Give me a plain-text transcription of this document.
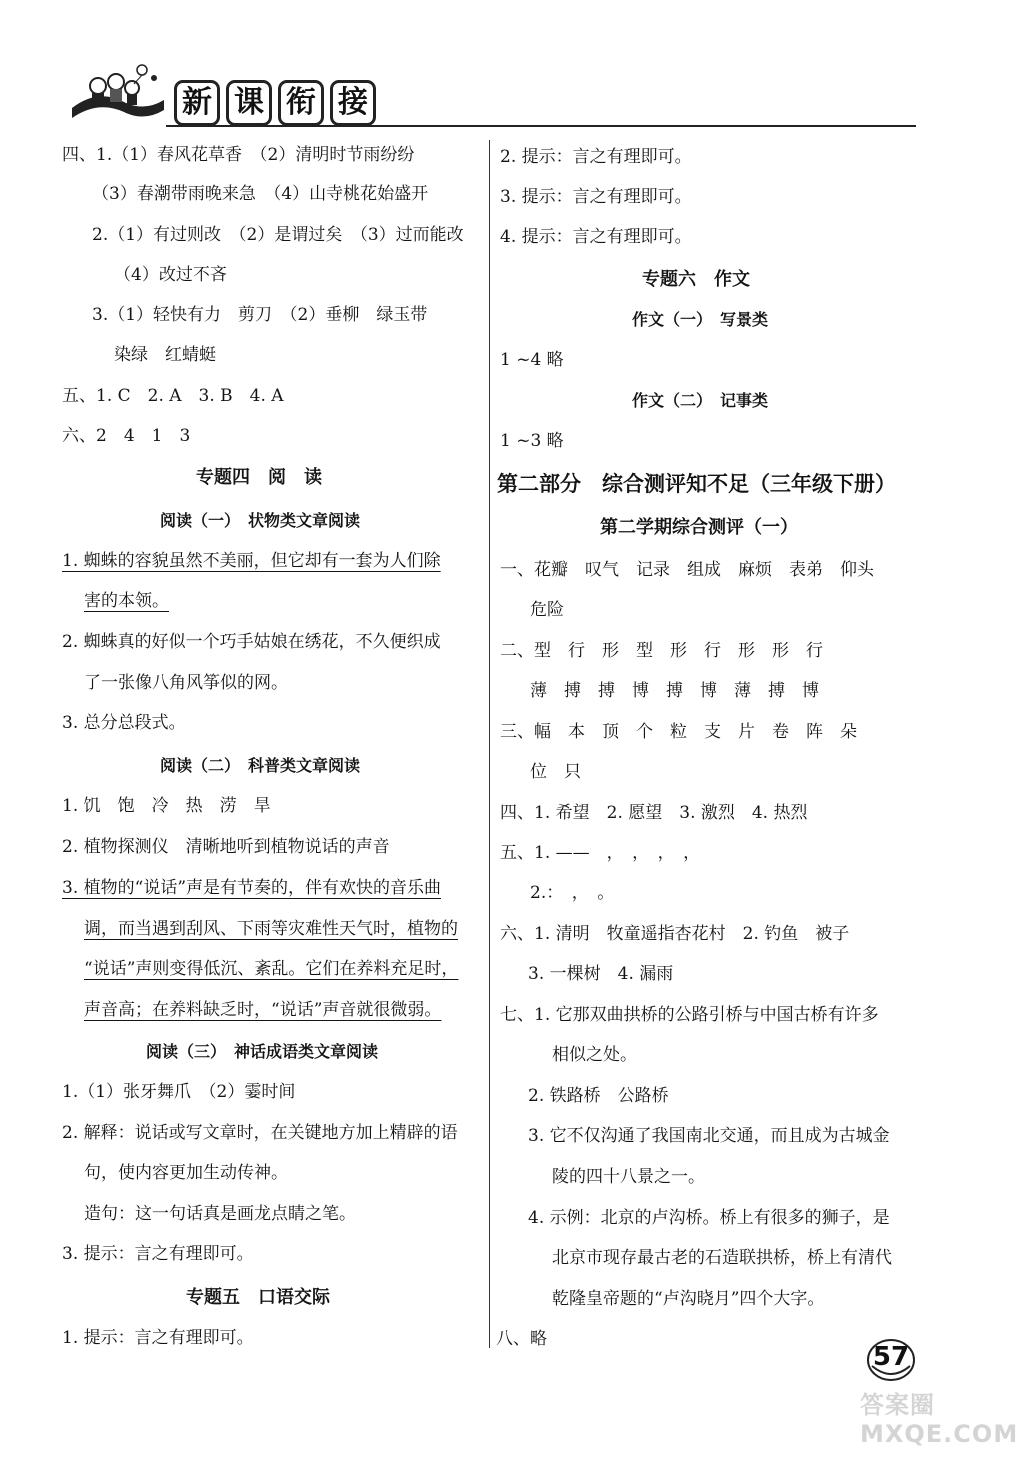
新 课 衔 接
四、1.（1）春风花草香　（2）清明时节雨纷纷
（3）春潮带雨晚来急　（4）山寺桃花始盛开
2.（1）有过则改　（2）是谓过矣　（3）过而能改
（4）改过不吝
3.（1）轻快有力　剪刀　（2）垂柳　绿玉带
染绿　红蜻蜓
五、1. C　2. A　3. B　4. A
六、2　4　1　3
专题四　阅　读
阅读（一）　状物类文章阅读
1. 蜘蛛的容貌虽然不美丽，但它却有一套为人们除
害的本领。
2. 蜘蛛真的好似一个巧手姑娘在绣花，不久便织成
了一张像八角风筝似的网。
3. 总分总段式。
阅读（二）　科普类文章阅读
1. 饥　饱　冷　热　涝　旱
2. 植物探测仪　清晰地听到植物说话的声音
3. 植物的“说话”声是有节奏的，伴有欢快的音乐曲
调，而当遇到刮风、下雨等灾难性天气时，植物的
“说话”声则变得低沉、紊乱。它们在养料充足时，
声音高；在养料缺乏时，“说话”声音就很微弱。
阅读（三）　神话成语类文章阅读
1.（1）张牙舞爪　（2）霎时间
2. 解释：说话或写文章时，在关键地方加上精辟的语
句，使内容更加生动传神。
造句：这一句话真是画龙点睛之笔。
3. 提示：言之有理即可。
专题五　口语交际
1. 提示：言之有理即可。
2. 提示：言之有理即可。
3. 提示：言之有理即可。
4. 提示：言之有理即可。
专题六　作文
作文（一）　写景类
1 ~4 略
作文（二）　记事类
1 ~3 略
第二部分　综合测评知不足（三年级下册）
第二学期综合测评（一）
一、花瓣　叹气　记录　组成　麻烦　表弟　仰头
危险
二、型　行　形　型　形　行　形　形　行
薄　搏　搏　博　搏　博　薄　搏　博
三、幅　本　顶　个　粒　支　片　卷　阵　朵
位　只
四、1. 希望　2. 愿望　3. 激烈　4. 热烈
五、1. ——　，　，　，　，
2.：　，　。
六、1. 清明　牧童遥指杏花村　2. 钓鱼　被子
3. 一棵树　4. 漏雨
七、1. 它那双曲拱桥的公路引桥与中国古桥有许多
相似之处。
2. 铁路桥　公路桥
3. 它不仅沟通了我国南北交通，而且成为古城金
陵的四十八景之一。
4. 示例：北京的卢沟桥。桥上有很多的狮子，是
北京市现存最古老的石造联拱桥，桥上有清代
乾隆皇帝题的“卢沟晓月”四个大字。
八、略
57
答案圈 MXQE.COM
